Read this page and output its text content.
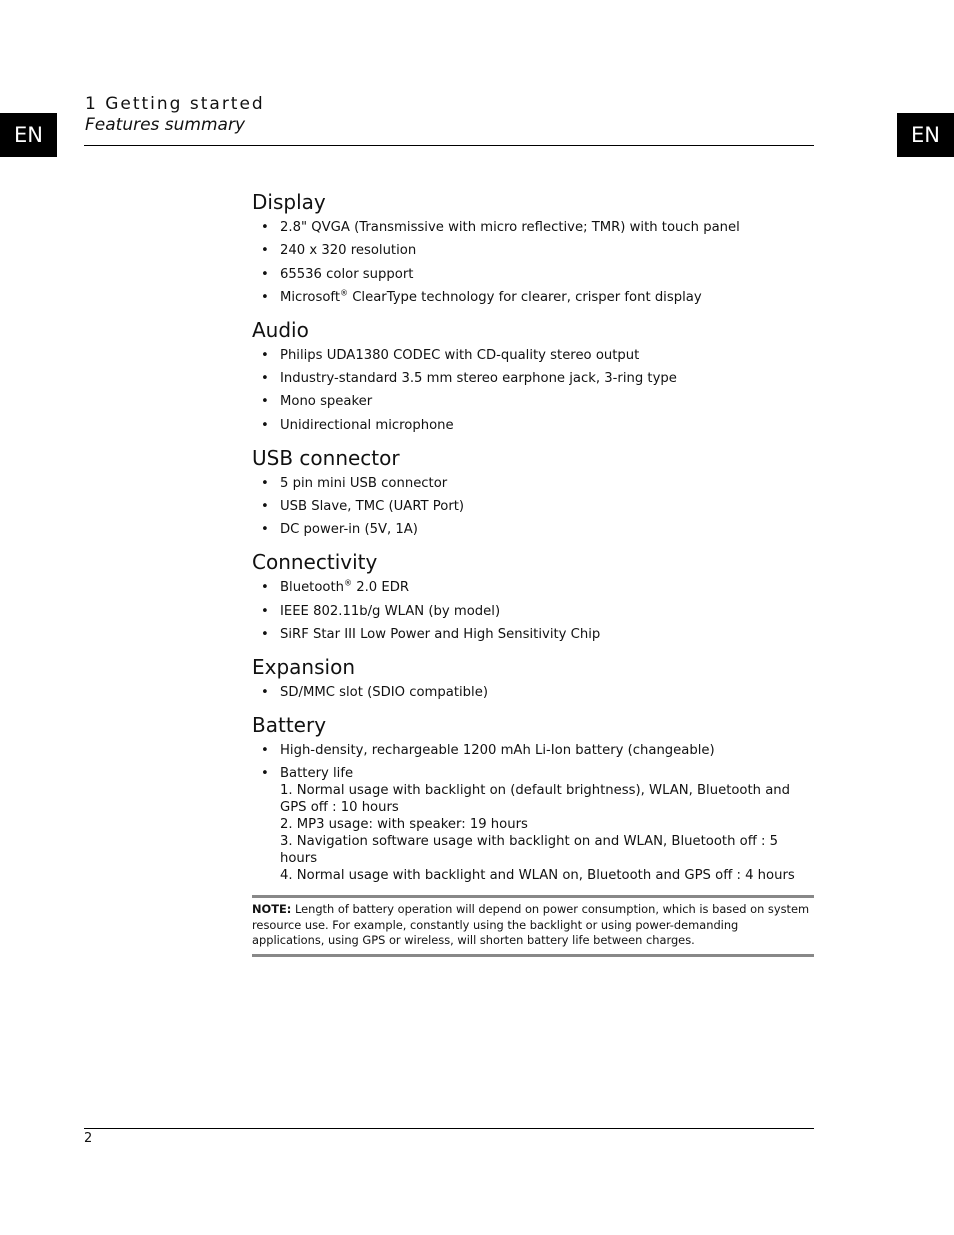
EN	EN
1 Getting started
Features summary
Display
• 2.8" QVGA (Transmissive with micro reflective; TMR) with touch panel
• 240 x 320 resolution
• 65536 color support
• Microsoft® ClearType technology for clearer, crisper font display
Audio
• Philips UDA1380 CODEC with CD-quality stereo output
• Industry-standard 3.5 mm stereo earphone jack, 3-ring type
• Mono speaker
• Unidirectional microphone
USB connector
• 5 pin mini USB connector
• USB Slave, TMC (UART Port)
• DC power-in (5V, 1A)
Connectivity
• Bluetooth® 2.0 EDR
• IEEE 802.11b/g WLAN (by model)
• SiRF Star III Low Power and High Sensitivity Chip
Expansion
• SD/MMC slot (SDIO compatible)
Battery
• High-density, rechargeable 1200 mAh Li-Ion battery (changeable)
• Battery life
1. Normal usage with backlight on (default brightness), WLAN, Bluetooth and GPS off : 10 hours
2. MP3 usage: with speaker: 19 hours
3. Navigation software usage with backlight on and WLAN, Bluetooth off : 5 hours
4. Normal usage with backlight and WLAN on, Bluetooth and GPS off : 4 hours
NOTE: Length of battery operation will depend on power consumption, which is based on system resource use. For example, constantly using the backlight or using power-demanding applications, using GPS or wireless, will shorten battery life between charges.
2
